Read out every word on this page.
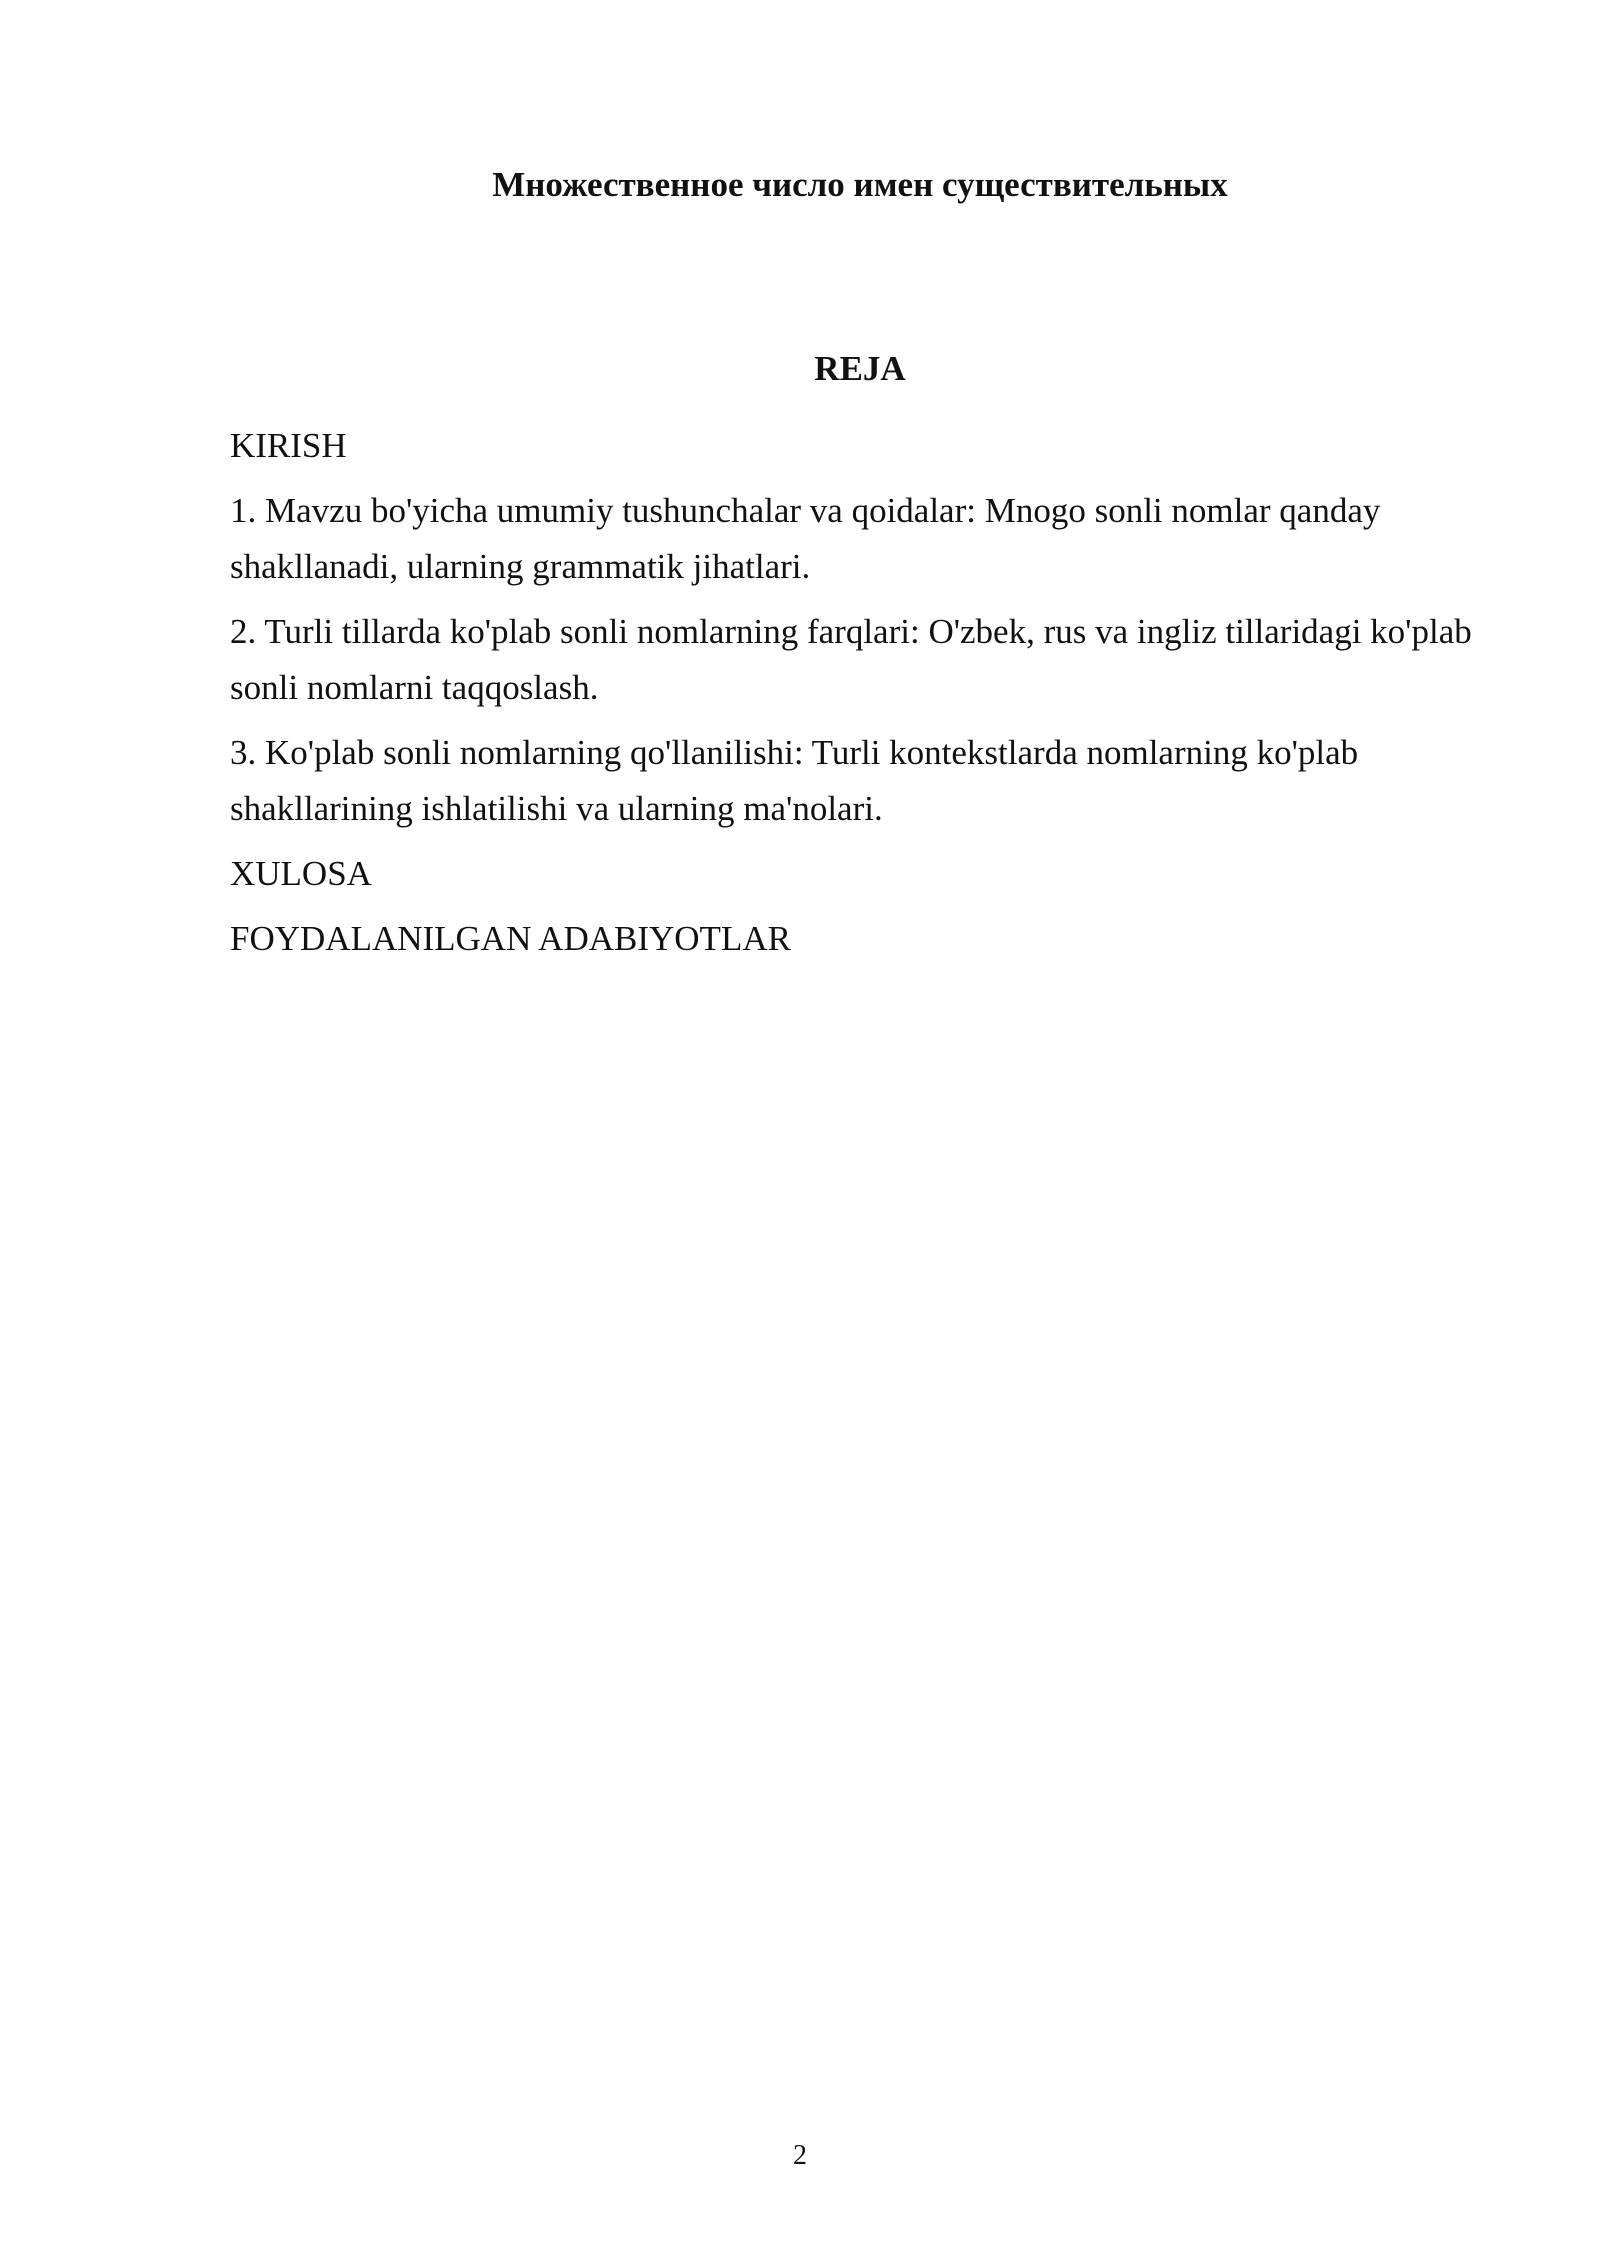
Множественное число имен существительных
REJA

KIRISH

1. Mavzu bo'yicha umumiy tushunchalar va qoidalar: Mnogo sonli nomlar qanday shakllanadi, ularning grammatik jihatlari.

2. Turli tillarda ko'plab sonli nomlarning farqlari: O'zbek, rus va ingliz tillaridagi ko'plab sonli nomlarni taqqoslash.

3. Ko'plab sonli nomlarning qo'llanilishi: Turli kontekstlarda nomlarning ko'plab shakllarining ishlatilishi va ularning ma'nolari.

XULOSA

FOYDALANILGAN ADABIYOTLAR

2
